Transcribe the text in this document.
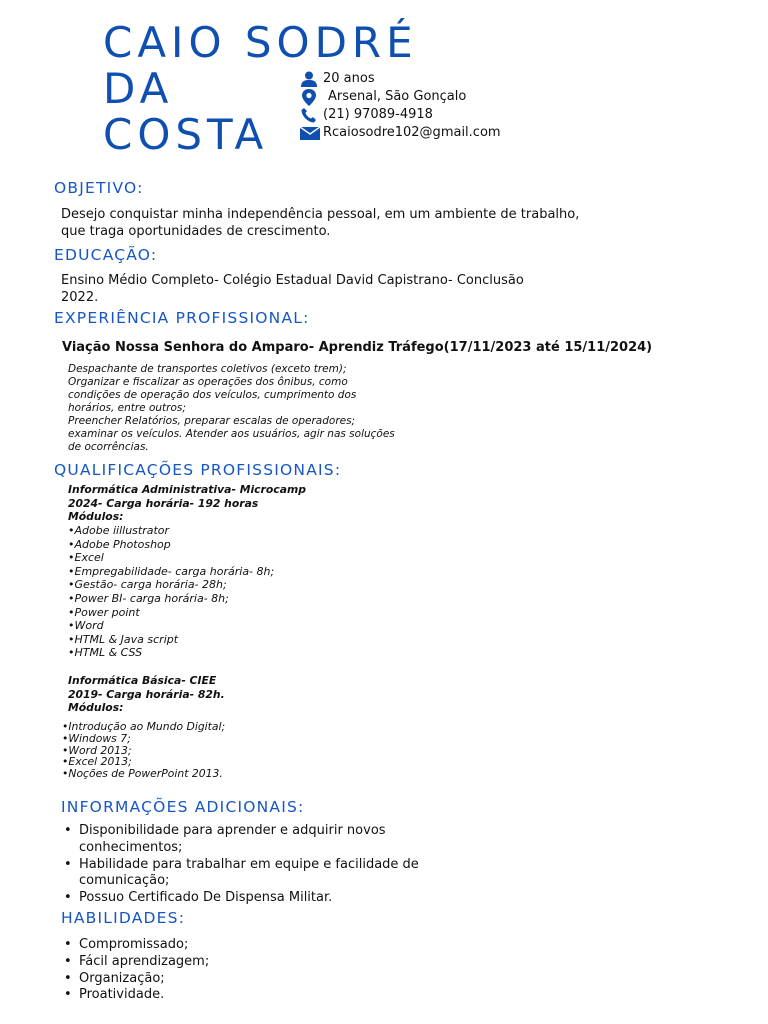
CAIO SODRÉ
DA
COSTA
20 anos
Arsenal, São Gonçalo
(21) 97089-4918
Rcaiosodre102@gmail.com
OBJETIVO:
Desejo conquistar minha independência pessoal, em um ambiente de trabalho,
que traga oportunidades de crescimento.
EDUCAÇÃO:
Ensino Médio Completo- Colégio Estadual David Capistrano- Conclusão
2022.
EXPERIÊNCIA PROFISSIONAL:
Viação Nossa Senhora do Amparo- Aprendiz Tráfego(17/11/2023 até 15/11/2024)
Despachante de transportes coletivos (exceto trem);
Organizar e fiscalizar as operações dos ônibus, como
condições de operação dos veículos, cumprimento dos
horários, entre outros;
Preencher Relatórios, preparar escalas de operadores;
examinar os veículos. Atender aos usuários, agir nas soluções
de ocorrências.
QUALIFICAÇÕES PROFISSIONAIS:
Informática Administrativa- Microcamp
2024- Carga horária- 192 horas
Módulos:
•Adobe iillustrator
•Adobe Photoshop
•Excel
•Empregabilidade- carga horária- 8h;
•Gestão- carga horária- 28h;
•Power BI- carga horária- 8h;
•Power point
•Word
•HTML & Java script
•HTML & CSS
Informática Básica- CIEE
2019- Carga horária- 82h.
Módulos:
•Introdução ao Mundo Digital;
•Windows 7;
•Word 2013;
•Excel 2013;
•Noções de PowerPoint 2013.
INFORMAÇÕES ADICIONAIS:
• Disponibilidade para aprender e adquirir novos conhecimentos;
• Habilidade para trabalhar em equipe e facilidade de comunicação;
• Possuo Certificado De Dispensa Militar.
HABILIDADES:
• Compromissado;
• Fácil aprendizagem;
• Organização;
• Proatividade.
